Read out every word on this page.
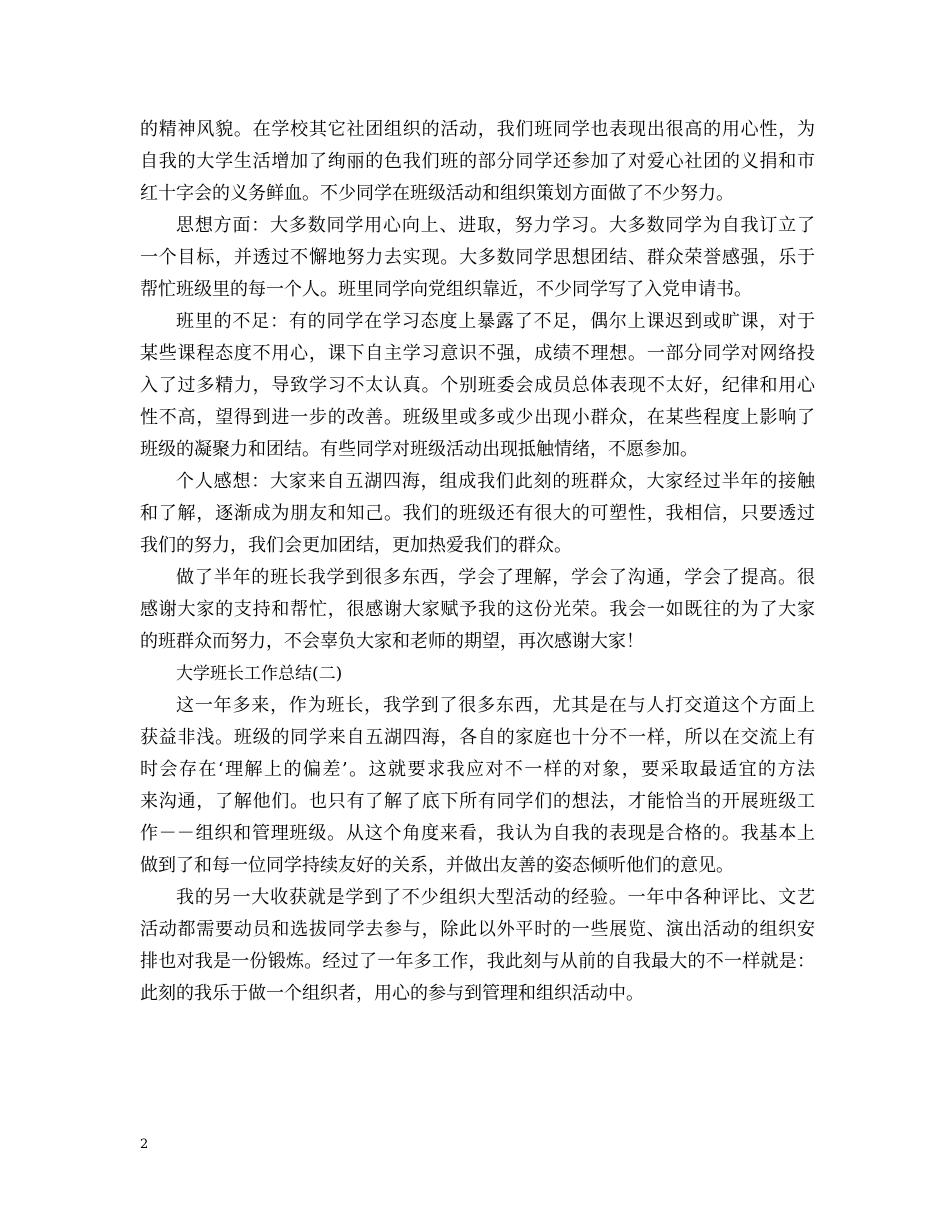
的精神风貌。在学校其它社团组织的活动，我们班同学也表现出很高的用心性，为
自我的大学生活增加了绚丽的色我们班的部分同学还参加了对爱心社团的义捐和市
红十字会的义务鲜血。不少同学在班级活动和组织策划方面做了不少努力。
思想方面：大多数同学用心向上、进取，努力学习。大多数同学为自我订立了
一个目标，并透过不懈地努力去实现。大多数同学思想团结、群众荣誉感强，乐于
帮忙班级里的每一个人。班里同学向党组织靠近，不少同学写了入党申请书。
班里的不足：有的同学在学习态度上暴露了不足，偶尔上课迟到或旷课，对于
某些课程态度不用心，课下自主学习意识不强，成绩不理想。一部分同学对网络投
入了过多精力，导致学习不太认真。个别班委会成员总体表现不太好，纪律和用心
性不高，望得到进一步的改善。班级里或多或少出现小群众，在某些程度上影响了
班级的凝聚力和团结。有些同学对班级活动出现抵触情绪，不愿参加。
个人感想：大家来自五湖四海，组成我们此刻的班群众，大家经过半年的接触
和了解，逐渐成为朋友和知己。我们的班级还有很大的可塑性，我相信，只要透过
我们的努力，我们会更加团结，更加热爱我们的群众。
做了半年的班长我学到很多东西，学会了理解，学会了沟通，学会了提高。很
感谢大家的支持和帮忙，很感谢大家赋予我的这份光荣。我会一如既往的为了大家
的班群众而努力，不会辜负大家和老师的期望，再次感谢大家！
大学班长工作总结(二)
这一年多来，作为班长，我学到了很多东西，尤其是在与人打交道这个方面上
获益非浅。班级的同学来自五湖四海，各自的家庭也十分不一样，所以在交流上有
时会存在‘理解上的偏差’。这就要求我应对不一样的对象，要采取最适宜的方法
来沟通，了解他们。也只有了解了底下所有同学们的想法，才能恰当的开展班级工
作－－组织和管理班级。从这个角度来看，我认为自我的表现是合格的。我基本上
做到了和每一位同学持续友好的关系，并做出友善的姿态倾听他们的意见。
我的另一大收获就是学到了不少组织大型活动的经验。一年中各种评比、文艺
活动都需要动员和选拔同学去参与，除此以外平时的一些展览、演出活动的组织安
排也对我是一份锻炼。经过了一年多工作，我此刻与从前的自我最大的不一样就是：
此刻的我乐于做一个组织者，用心的参与到管理和组织活动中。
2
